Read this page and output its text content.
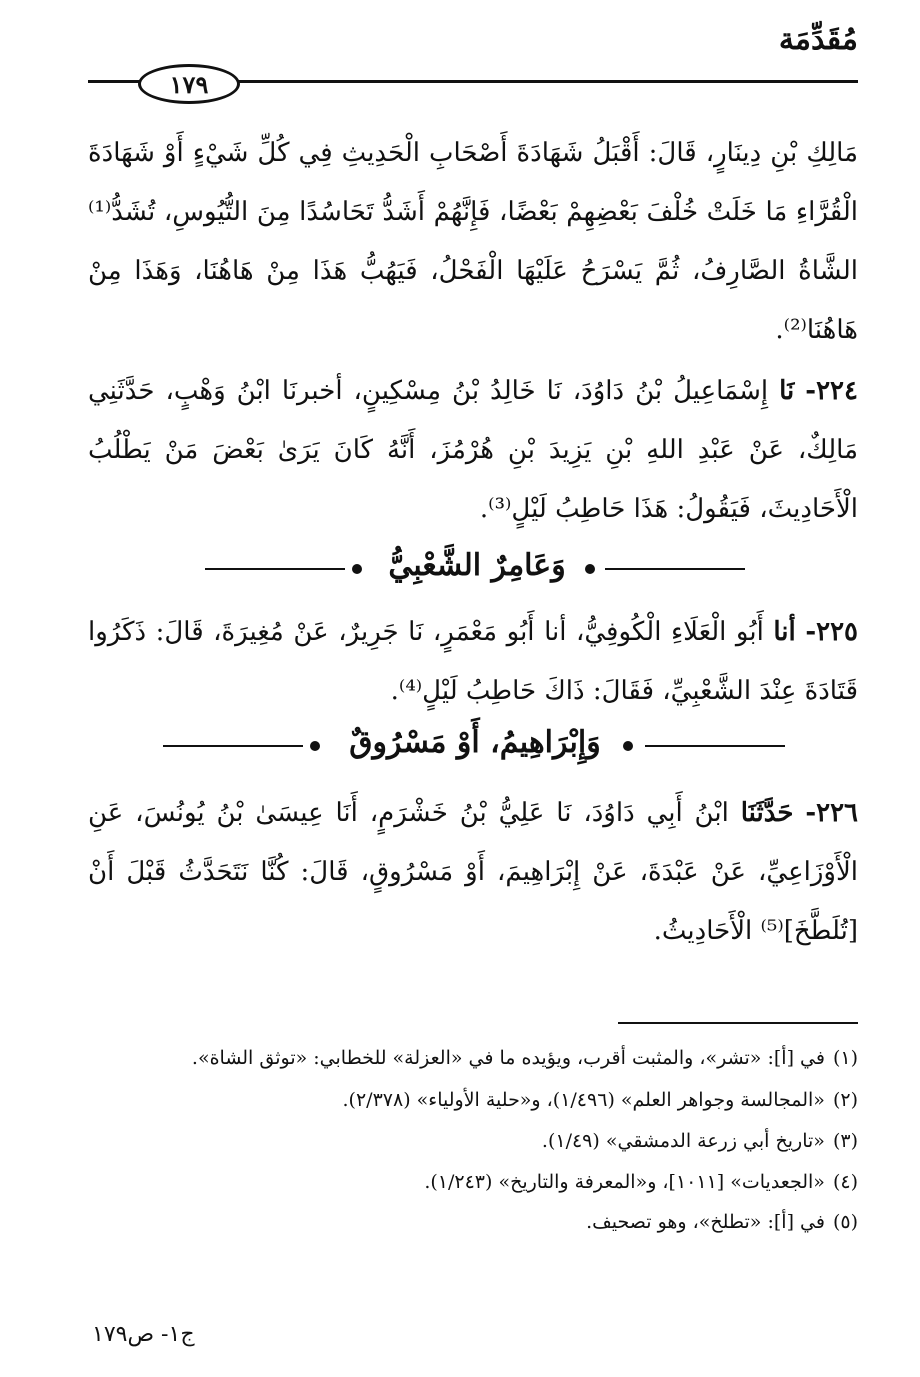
مُقَدِّمَة
١٧٩
مَالِكِ بْنِ دِينَارٍ، قَالَ: أَقْبَلُ شَهَادَةَ أَصْحَابِ الْحَدِيثِ فِي كُلِّ شَيْءٍ أَوْ شَهَادَةَ الْقُرَّاءِ مَا خَلَتْ خُلْفَ بَعْضِهِمْ بَعْضًا، فَإِنَّهُمْ أَشَدُّ تَحَاسُدًا مِنَ التُّيُوسِ، تُشَدُّ⁽¹⁾ الشَّاةُ الصَّارِفُ، ثُمَّ يَسْرَحُ عَلَيْهَا الْفَحْلُ، فَيَهُبُّ هَذَا مِنْ هَاهُنَا، وَهَذَا مِنْ هَاهُنَا⁽²⁾.
٢٢٤- نَا إِسْمَاعِيلُ بْنُ دَاوُدَ، نَا خَالِدُ بْنُ مِسْكِينٍ، أخبرنَا ابْنُ وَهْبٍ، حَدَّثَنِي مَالِكٌ، عَنْ عَبْدِ اللهِ بْنِ يَزِيدَ بْنِ هُرْمُزَ، أَنَّهُ كَانَ يَرَىٰ بَعْضَ مَنْ يَطْلُبُ الْأَحَادِيثَ، فَيَقُولُ: هَذَا حَاطِبُ لَيْلٍ⁽³⁾.
وَعَامِرٌ الشَّعْبِيُّ
٢٢٥- أنا أَبُو الْعَلَاءِ الْكُوفِيُّ، أنا أَبُو مَعْمَرٍ، نَا جَرِيرٌ، عَنْ مُغِيرَةَ، قَالَ: ذَكَرُوا قَتَادَةَ عِنْدَ الشَّعْبِيِّ، فَقَالَ: ذَاكَ حَاطِبُ لَيْلٍ⁽⁴⁾.
وَإِبْرَاهِيمُ، أَوْ مَسْرُوقٌ
٢٢٦- حَدَّثَنَا ابْنُ أَبِي دَاوُدَ، نَا عَلِيُّ بْنُ خَشْرَمٍ، أَنَا عِيسَىٰ بْنُ يُونُسَ، عَنِ الْأَوْزَاعِيِّ، عَنْ عَبْدَةَ، عَنْ إِبْرَاهِيمَ، أَوْ مَسْرُوقٍ، قَالَ: كُنَّا نَتَحَدَّثُ قَبْلَ أَنْ [تُلَطَّخَ]⁽⁵⁾ الْأَحَادِيثُ.
(١)في [أ]: «تشر»، والمثبت أقرب، ويؤيده ما في «العزلة» للخطابي: «توثق الشاة».
(٢)«المجالسة وجواهر العلم» (١/٤٩٦)، و«حلية الأولياء» (٢/٣٧٨).
(٣)«تاريخ أبي زرعة الدمشقي» (١/٤٩).
(٤)«الجعديات» [١٠١١]، و«المعرفة والتاريخ» (١/٢٤٣).
(٥)في [أ]: «تطلخ»، وهو تصحيف.
ج١- ص١٧٩
